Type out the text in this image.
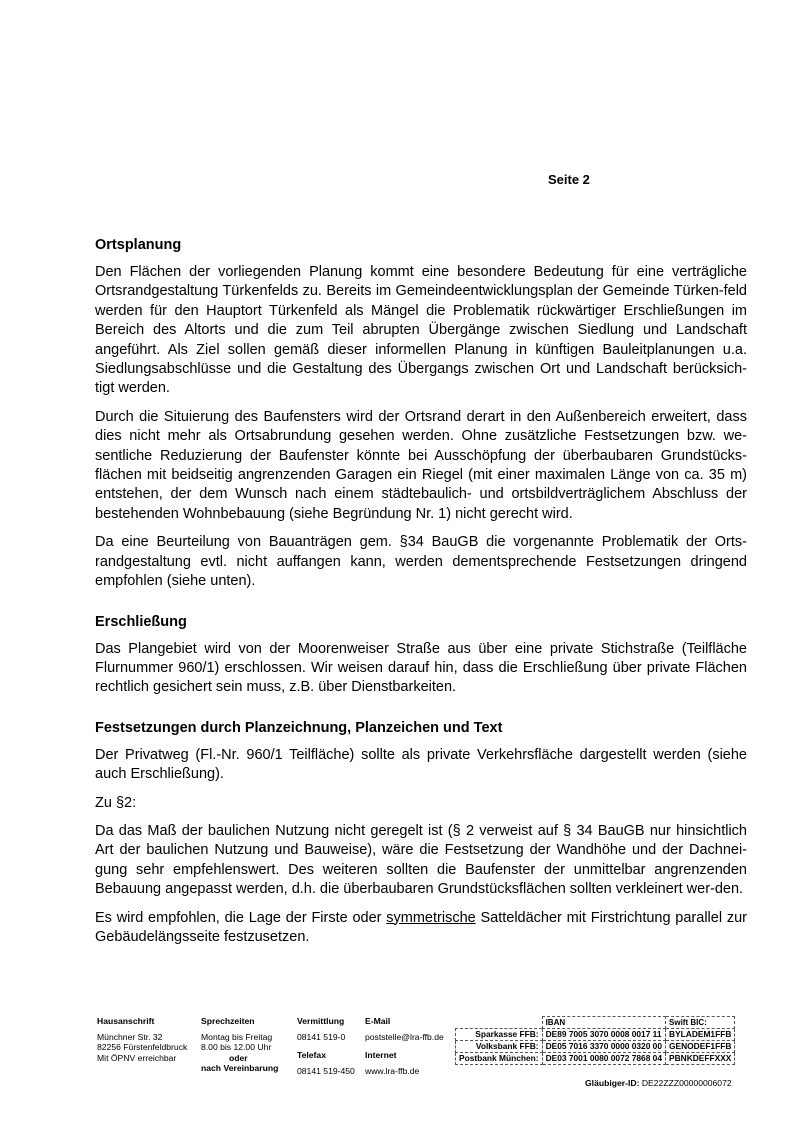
Seite 2
Ortsplanung

Den Flächen der vorliegenden Planung kommt eine besondere Bedeutung für eine verträgliche Ortsrandgestaltung Türkenfelds zu. Bereits im Gemeindeentwicklungsplan der Gemeinde Türken-feld werden für den Hauptort Türkenfeld als Mängel die Problematik rückwärtiger Erschließungen im Bereich des Altorts und die zum Teil abrupten Übergänge zwischen Siedlung und Landschaft angeführt. Als Ziel sollen gemäß dieser informellen Planung in künftigen Bauleitplanungen u.a. Siedlungsabschlüsse und die Gestaltung des Übergangs zwischen Ort und Landschaft berücksich-tigt werden.

Durch die Situierung des Baufensters wird der Ortsrand derart in den Außenbereich erweitert, dass dies nicht mehr als Ortsabrundung gesehen werden. Ohne zusätzliche Festsetzungen bzw. we-sentliche Reduzierung der Baufenster könnte bei Ausschöpfung der überbaubaren Grundstücks-flächen mit beidseitig angrenzenden Garagen ein Riegel (mit einer maximalen Länge von ca. 35 m) entstehen, der dem Wunsch nach einem städtebaulich- und ortsbildverträglichem Abschluss der bestehenden Wohnbebauung (siehe Begründung Nr. 1) nicht gerecht wird.

Da eine Beurteilung von Bauanträgen gem. §34 BauGB die vorgenannte Problematik der Orts-randgestaltung evtl. nicht auffangen kann, werden dementsprechende Festsetzungen dringend empfohlen (siehe unten).

Erschließung

Das Plangebiet wird von der Moorenweiser Straße aus über eine private Stichstraße (Teilfläche Flurnummer 960/1) erschlossen. Wir weisen darauf hin, dass die Erschließung über private Flächen rechtlich gesichert sein muss, z.B. über Dienstbarkeiten.

Festsetzungen durch Planzeichnung, Planzeichen und Text

Der Privatweg (Fl.-Nr. 960/1 Teilfläche) sollte als private Verkehrsfläche dargestellt werden (siehe auch Erschließung).

Zu §2:

Da das Maß der baulichen Nutzung nicht geregelt ist (§ 2 verweist auf § 34 BauGB nur hinsichtlich Art der baulichen Nutzung und Bauweise), wäre die Festsetzung der Wandhöhe und der Dachnei-gung sehr empfehlenswert. Des weiteren sollten die Baufenster der unmittelbar angrenzenden Bebauung angepasst werden, d.h. die überbaubaren Grundstücksflächen sollten verkleinert wer-den.

Es wird empfohlen, die Lage der Firste oder symmetrische Satteldächer mit Firstrichtung parallel zur Gebäudelängsseite festzusetzen.

Hausanschrift
Münchner Str. 32
82256 Fürstenfeldbruck
Mit ÖPNV erreichbar
Sprechzeiten
Montag bis Freitag
8.00 bis 12.00 Uhr
oder
nach Vereinbarung
Vermittlung
08141 519-0
Telefax
08141 519-450
E-Mail
poststelle@lra-ffb.de
Internet
www.lra-ffb.de
	IBAN	Swift BIC:
Sparkasse FFB:	DE89 7005 3070 0008 0017 11	BYLADEM1FFB
Volksbank FFB:	DE05 7016 3370 0000 0320 00	GENODEF1FFB
Postbank München:	DE03 7001 0080 0072 7868 04	PBNKDEFFXXX
Gläubiger-ID: DE22ZZZ00000006072
